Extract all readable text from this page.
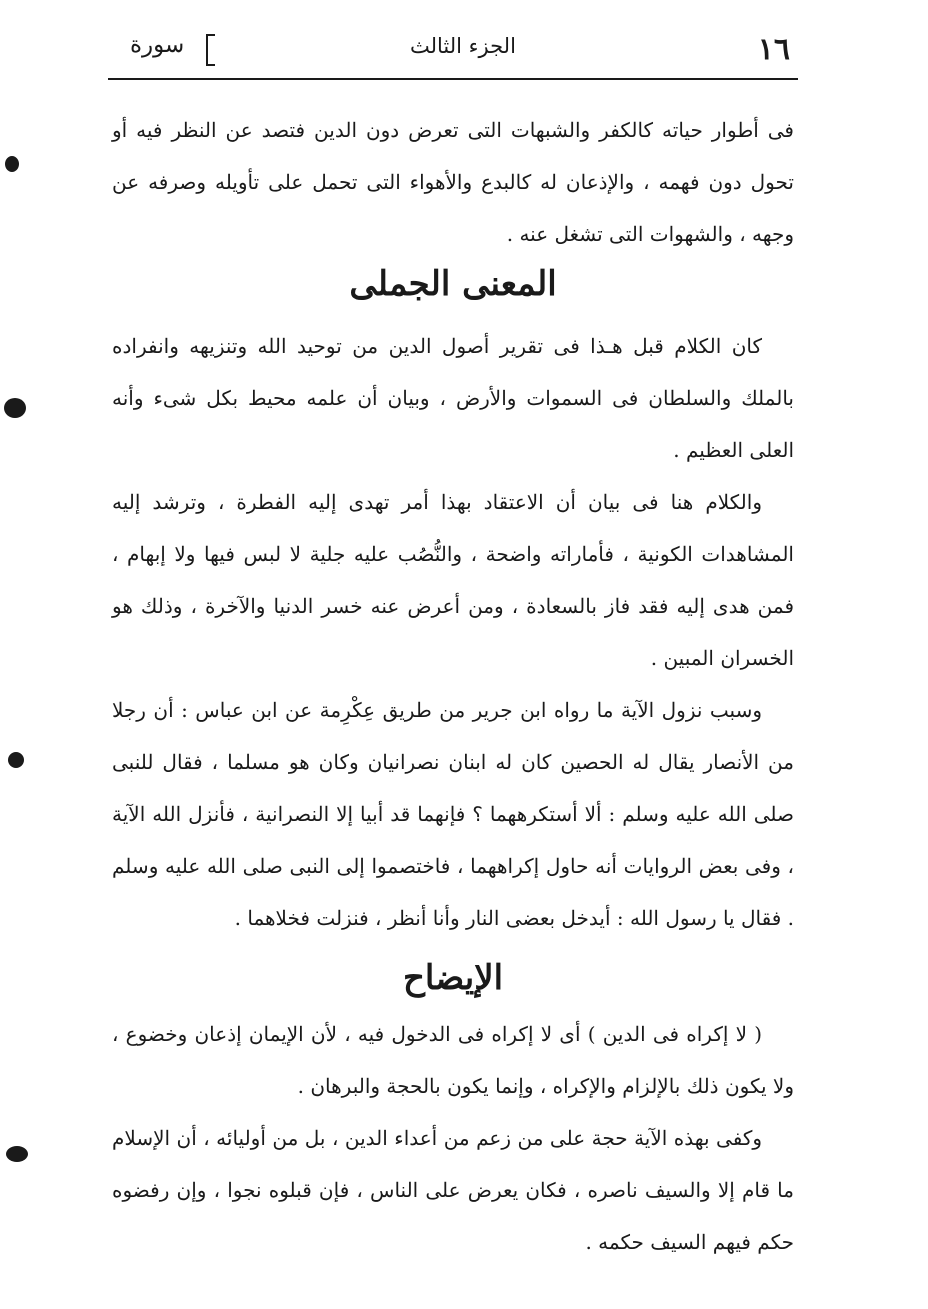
١٦
الجزء الثالث
سورة

فى أطوار حياته كالكفر والشبهات التى تعرض دون الدين فتصد عن النظر فيه أو تحول دون فهمه ، والإذعان له كالبدع والأهواء التى تحمل على تأويله وصرفه عن وجهه ، والشهوات التى تشغل عنه .

المعنى الجملى

كان الكلام قبل هـذا فى تقرير أصول الدين من توحيد الله وتنزيهه وانفراده بالملك والسلطان فى السموات والأرض ، وبيان أن علمه محيط بكل شىء وأنه العلى العظيم .

والكلام هنا فى بيان أن الاعتقاد بهذا أمر تهدى إليه الفطرة ، وترشد إليه المشاهدات الكونية ، فأماراته واضحة ، والنُّصُب عليه جلية لا لبس فيها ولا إبهام ، فمن هدى إليه فقد فاز بالسعادة ، ومن أعرض عنه خسر الدنيا والآخرة ، وذلك هو الخسران المبين .

وسبب نزول الآية ما رواه ابن جرير من طريق عِكْرِمة عن ابن عباس : أن رجلا من الأنصار يقال له الحصين كان له ابنان نصرانيان وكان هو مسلما ، فقال للنبى صلى الله عليه وسلم : ألا أستكرههما ؟ فإنهما قد أبيا إلا النصرانية ، فأنزل الله الآية ، وفى بعض الروايات أنه حاول إكراههما ، فاختصموا إلى النبى صلى الله عليه وسلم . فقال يا رسول الله : أيدخل بعضى النار وأنا أنظر ، فنزلت فخلاهما .

الإيضاح

( لا إكراه فى الدين ) أى لا إكراه فى الدخول فيه ، لأن الإيمان إذعان وخضوع ، ولا يكون ذلك بالإلزام والإكراه ، وإنما يكون بالحجة والبرهان .

وكفى بهذه الآية حجة على من زعم من أعداء الدين ، بل من أوليائه ، أن الإسلام ما قام إلا والسيف ناصره ، فكان يعرض على الناس ، فإن قبلوه نجوا ، وإن رفضوه حكم فيهم السيف حكمه .
